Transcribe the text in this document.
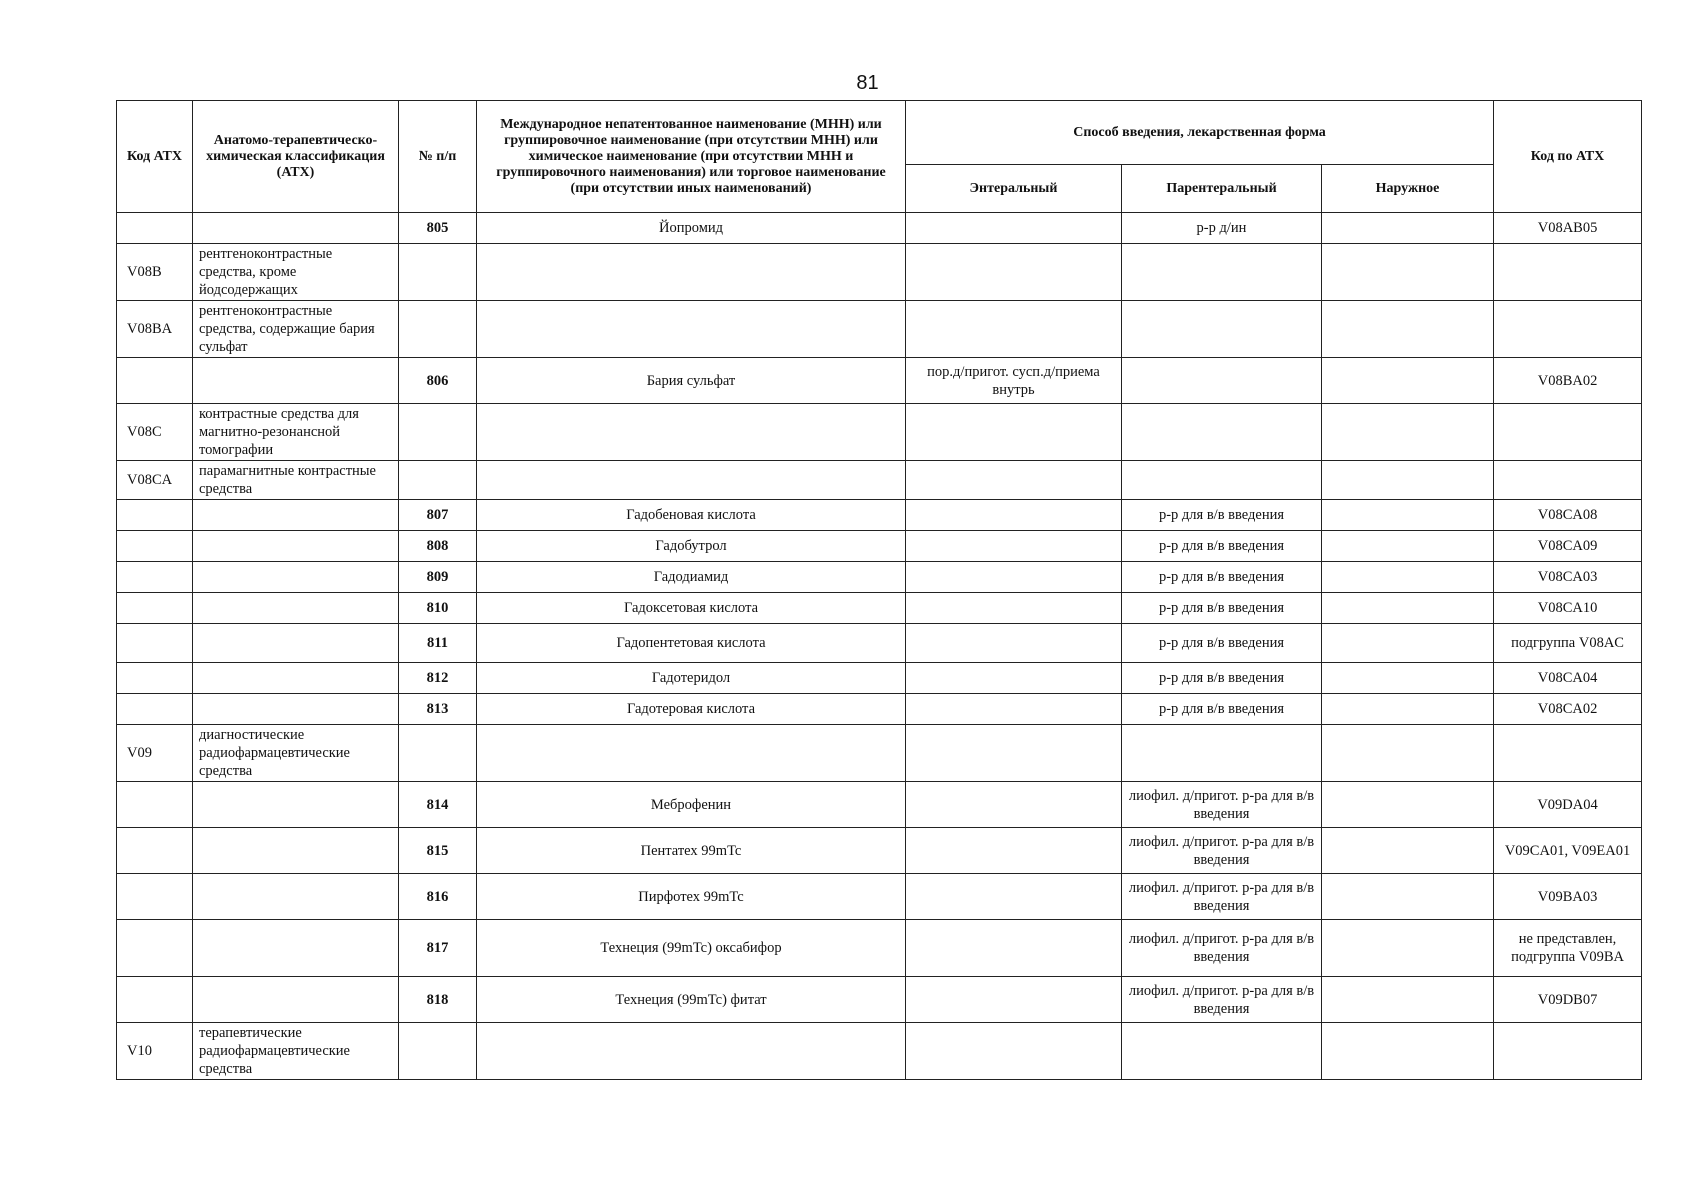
81
Код АТХ	Анатомо-терапевтическо-химическая классификация (АТХ)	№ п/п	Международное непатентованное наименование (МНН) или группировочное наименование (при отсутствии МНН) или химическое наименование (при отсутствии МНН и группировочного наименования) или торговое наименование (при отсутствии иных наименований)	Способ введения, лекарственная форма			Код по АТХ
				Энтеральный	Парентеральный	Наружное	
		805	Йопромид		р-р д/ин		V08AB05
V08B	рентгеноконтрастные средства, кроме йодсодержащих						
V08BA	рентгеноконтрастные средства, содержащие бария сульфат						
		806	Бария сульфат	пор.д/пригот. сусп.д/приема внутрь			V08BA02
V08C	контрастные средства для магнитно-резонансной томографии						
V08CA	парамагнитные контрастные средства						
		807	Гадобеновая кислота		р-р для в/в введения		V08CA08
		808	Гадобутрол		р-р для в/в введения		V08CA09
		809	Гадодиамид		р-р для в/в введения		V08CA03
		810	Гадоксетовая кислота		р-р для в/в введения		V08CA10
		811	Гадопентетовая кислота		р-р для в/в введения		подгруппа V08AC
		812	Гадотеридол		р-р для в/в введения		V08CA04
		813	Гадотеровая кислота		р-р для в/в введения		V08CA02
V09	диагностические радиофармацевтические средства						
		814	Меброфенин		лиофил. д/пригот. р-ра для в/в введения		V09DA04
		815	Пентатех 99mTc		лиофил. д/пригот. р-ра для в/в введения		V09CA01, V09EA01
		816	Пирфотех 99mTc		лиофил. д/пригот. р-ра для в/в введения		V09BA03
		817	Технеция (99mTc) оксабифор		лиофил. д/пригот. р-ра для в/в введения		не представлен, подгруппа V09BA
		818	Технеция (99mTc) фитат		лиофил. д/пригот. р-ра для в/в введения		V09DB07
V10	терапевтические радиофармацевтические средства						
